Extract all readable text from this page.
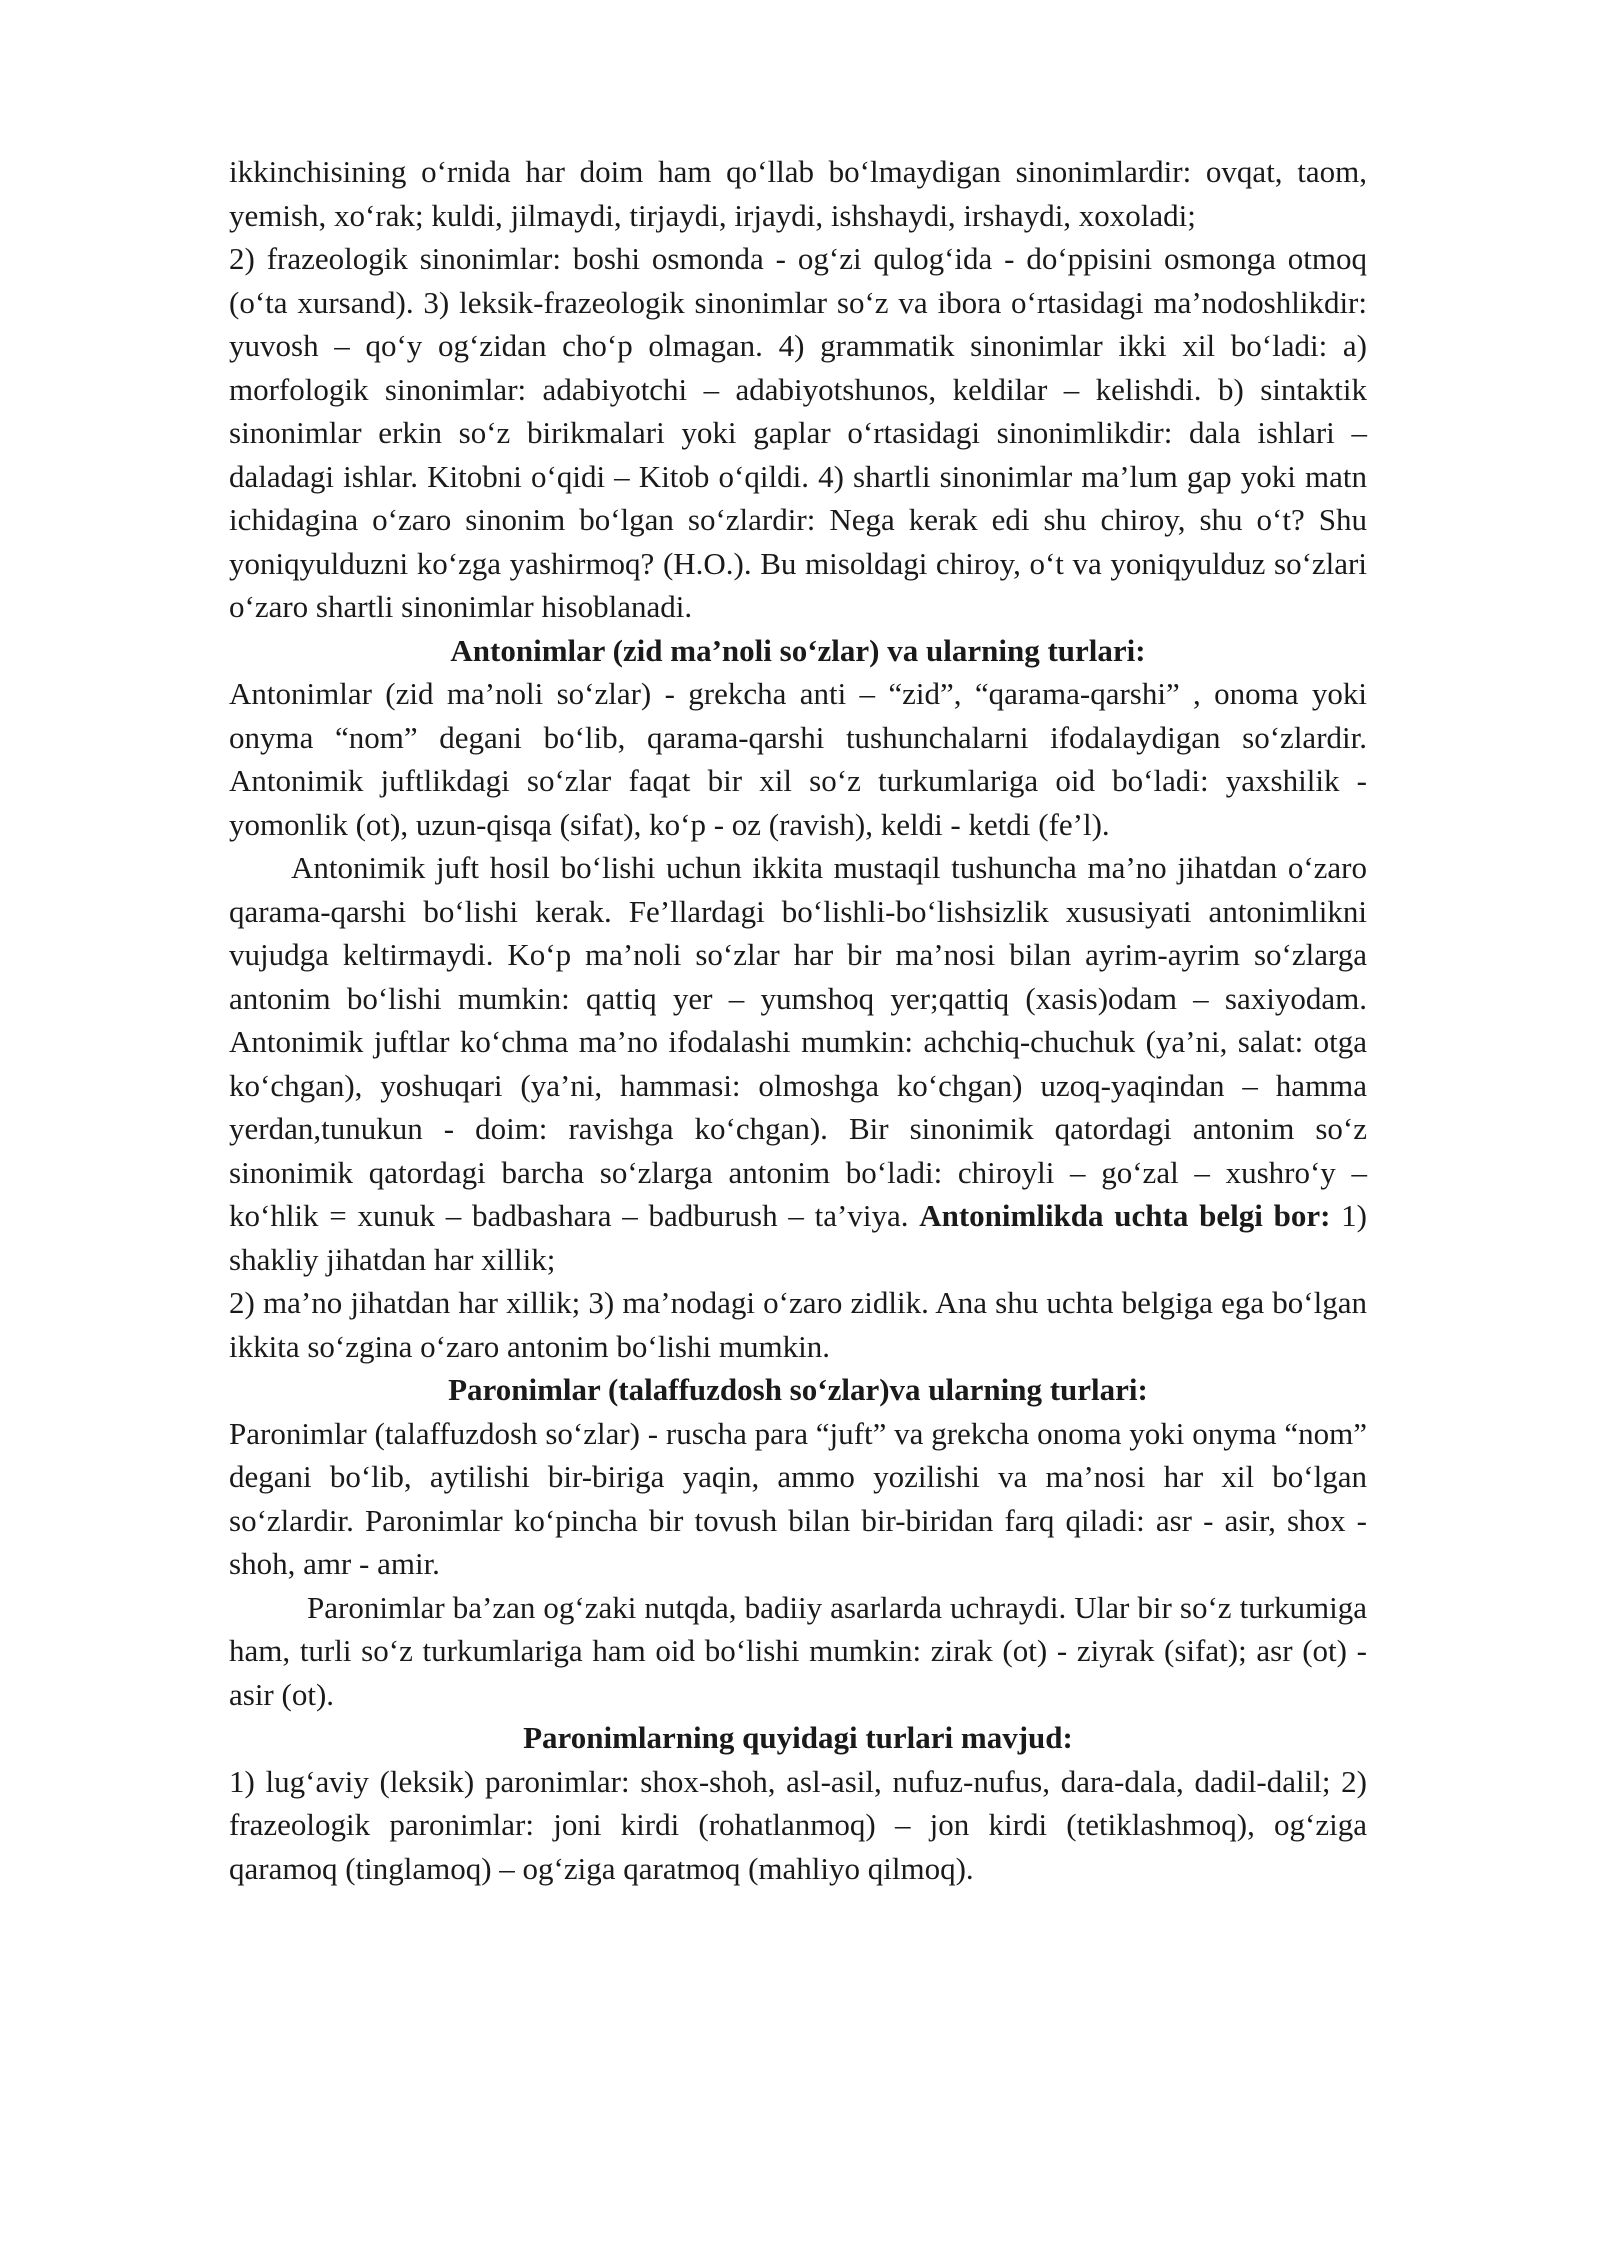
ikkinchisining o‘rnida har doim ham qo‘llab bo‘lmaydigan sinonimlardir: ovqat, taom, yemish, xo‘rak; kuldi, jilmaydi, tirjaydi, irjaydi, ishshaydi, irshaydi, xoxoladi;

2) frazeologik sinonimlar: boshi osmonda - og‘zi qulog‘ida - do‘ppisini osmonga otmoq (o‘ta xursand). 3) leksik-frazeologik sinonimlar so‘z va ibora o‘rtasidagi ma’nodoshlikdir: yuvosh – qo‘y og‘zidan cho‘p olmagan. 4) grammatik sinonimlar ikki xil bo‘ladi: a) morfologik sinonimlar: adabiyotchi – adabiyotshunos, keldilar – kelishdi. b) sintaktik sinonimlar erkin so‘z birikmalari yoki gaplar o‘rtasidagi sinonimlikdir: dala ishlari – daladagi ishlar. Kitobni o‘qidi – Kitob o‘qildi. 4) shartli sinonimlar ma’lum gap yoki matn ichidagina o‘zaro sinonim bo‘lgan so‘zlardir: Nega kerak edi shu chiroy, shu o‘t? Shu yoniqyulduzni ko‘zga yashirmoq? (H.O.). Bu misoldagi chiroy, o‘t va yoniqyulduz so‘zlari o‘zaro shartli sinonimlar hisoblanadi.

Antonimlar (zid ma’noli so‘zlar) va ularning turlari:

Antonimlar (zid ma’noli so‘zlar) - grekcha anti – “zid”, “qarama-qarshi” , onoma yoki onyma “nom” degani bo‘lib, qarama-qarshi tushunchalarni ifodalaydigan so‘zlardir. Antonimik juftlikdagi so‘zlar faqat bir xil so‘z turkumlariga oid bo‘ladi: yaxshilik - yomonlik (ot), uzun-qisqa (sifat), ko‘p - oz (ravish), keldi - ketdi (fe’l).

Antonimik juft hosil bo‘lishi uchun ikkita mustaqil tushuncha ma’no jihatdan o‘zaro qarama-qarshi bo‘lishi kerak. Fe’llardagi bo‘lishli-bo‘lishsizlik xususiyati antonimlikni vujudga keltirmaydi. Ko‘p ma’noli so‘zlar har bir ma’nosi bilan ayrim-ayrim so‘zlarga antonim bo‘lishi mumkin: qattiq yer – yumshoq yer;qattiq (xasis)odam – saxiyodam. Antonimik juftlar ko‘chma ma’no ifodalashi mumkin: achchiq-chuchuk (ya’ni, salat: otga ko‘chgan), yoshuqari (ya’ni, hammasi: olmoshga ko‘chgan) uzoq-yaqindan – hamma yerdan,tunukun - doim: ravishga ko‘chgan). Bir sinonimik qatordagi antonim so‘z sinonimik qatordagi barcha so‘zlarga antonim bo‘ladi: chiroyli – go‘zal – xushro‘y – ko‘hlik = xunuk – badbashara – badburush – ta’viya. Antonimlikda uchta belgi bor: 1) shakliy jihatdan har xillik;

2) ma’no jihatdan har xillik; 3) ma’nodagi o‘zaro zidlik. Ana shu uchta belgiga ega bo‘lgan ikkita so‘zgina o‘zaro antonim bo‘lishi mumkin.

Paronimlar (talaffuzdosh so‘zlar)va ularning turlari:

Paronimlar (talaffuzdosh so‘zlar) - ruscha para “juft” va grekcha onoma yoki onyma “nom” degani bo‘lib, aytilishi bir-biriga yaqin, ammo yozilishi va ma’nosi har xil bo‘lgan so‘zlardir. Paronimlar ko‘pincha bir tovush bilan bir-biridan farq qiladi: asr - asir, shox - shoh, amr - amir.

Paronimlar ba’zan og‘zaki nutqda, badiiy asarlarda uchraydi. Ular bir so‘z turkumiga ham, turli so‘z turkumlariga ham oid bo‘lishi mumkin: zirak (ot) - ziyrak (sifat); asr (ot) - asir (ot).

Paronimlarning quyidagi turlari mavjud:

1) lug‘aviy (leksik) paronimlar: shox-shoh, asl-asil, nufuz-nufus, dara-dala, dadil-dalil; 2) frazeologik paronimlar: joni kirdi (rohatlanmoq) – jon kirdi (tetiklashmoq), og‘ziga qaramoq (tinglamoq) – og‘ziga qaratmoq (mahliyo qilmoq).
